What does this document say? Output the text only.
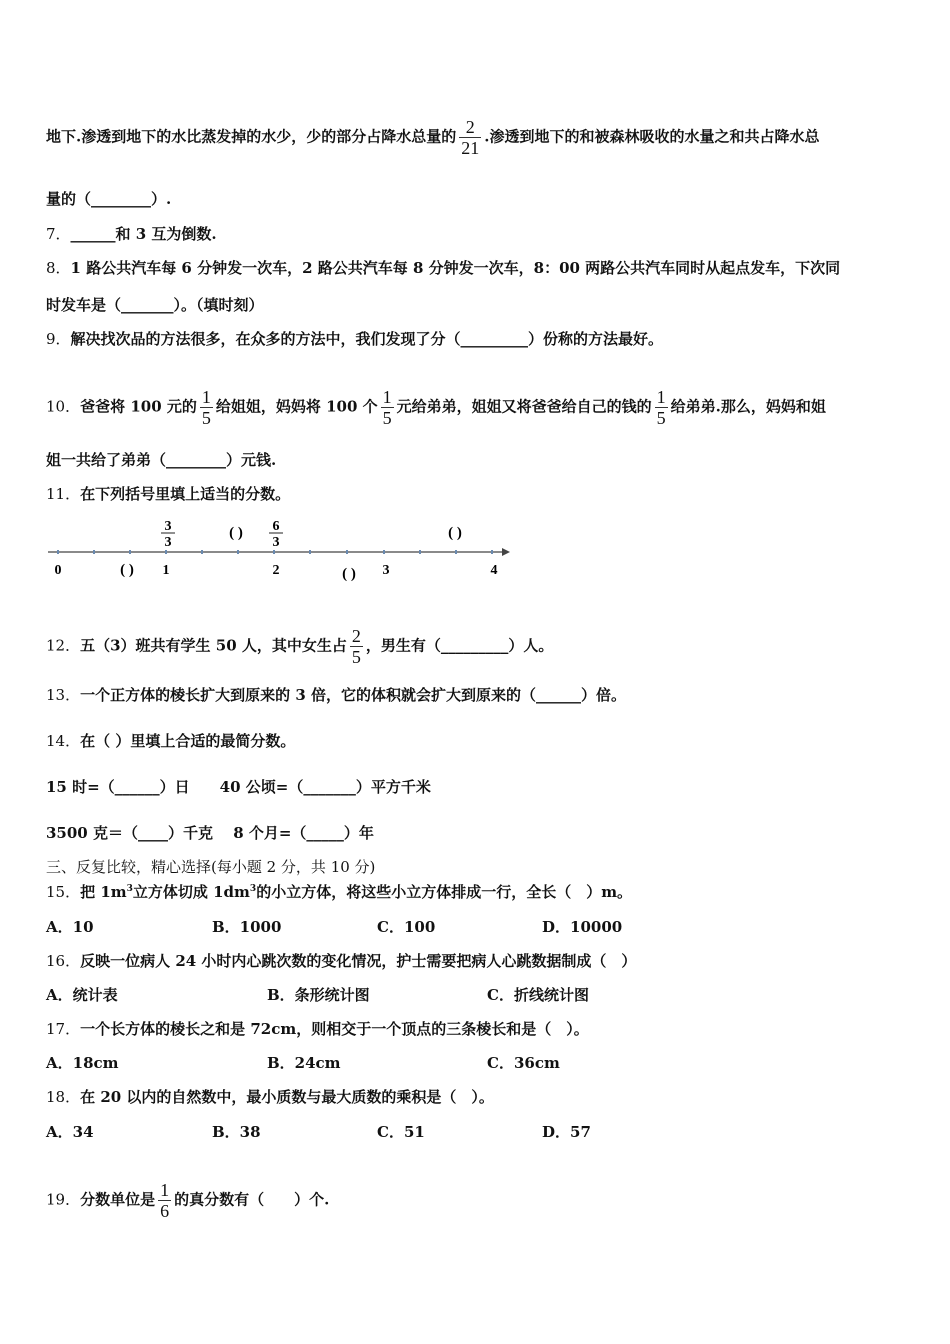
地下.渗透到地下的水比蒸发掉的水少，少的部分占降水总量的 $\frac{2}{21}$ .渗透到地下的和被森林吸收的水量之和共占降水总
量的（________）.
7．______和 3 互为倒数.
8．1 路公共汽车每 6 分钟发一次车，2 路公共汽车每 8 分钟发一次车，8：00 两路公共汽车同时从起点发车，下次同
时发车是（_______）。（填时刻）
9．解决找次品的方法很多，在众多的方法中，我们发现了分（_________）份称的方法最好。
10．爸爸将 100 元的 $\frac{1}{5}$ 给姐姐，妈妈将 100 个 $\frac{1}{5}$ 元给弟弟，姐姐又将爸爸给自己的钱的 $\frac{1}{5}$ 给弟弟.那么，妈妈和姐
姐一共给了弟弟（________）元钱.
11．在下列括号里填上适当的分数。
0	1	2	3	4
3
3
6
3
( )	( )
( )	( )
12．五（3）班共有学生 50 人，其中女生占 $\frac{2}{5}$ ，男生有（_________）人。
13．一个正方体的棱长扩大到原来的 3 倍，它的体积就会扩大到原来的（______）倍。
14．在（ ）里填上合适的最简分数。
15 时=（______）日　　40 公顷=（_______）平方千米
3500 克＝（____）千克　 8 个月=（_____）年
三、反复比较，精心选择(每小题 2 分，共 10 分)
15．把 $1m^3$立方体切成 $1dm^3$的小立方体，将这些小立方体排成一行，全长（　）m。
A．10	B．1000	C．100	D．10000
16．反映一位病人 24 小时内心跳次数的变化情况，护士需要把病人心跳数据制成（　）
A．统计表	B．条形统计图	C．折线统计图
17．一个长方体的棱长之和是 72cm，则相交于一个顶点的三条棱长和是（　）。
A．18cm	B．24cm	C．36cm
18．在 20 以内的自然数中，最小质数与最大质数的乘积是（　）。
A．34	B．38	C．51	D．57
19．分数单位是 $\frac{1}{6}$ 的真分数有（　　）个.
